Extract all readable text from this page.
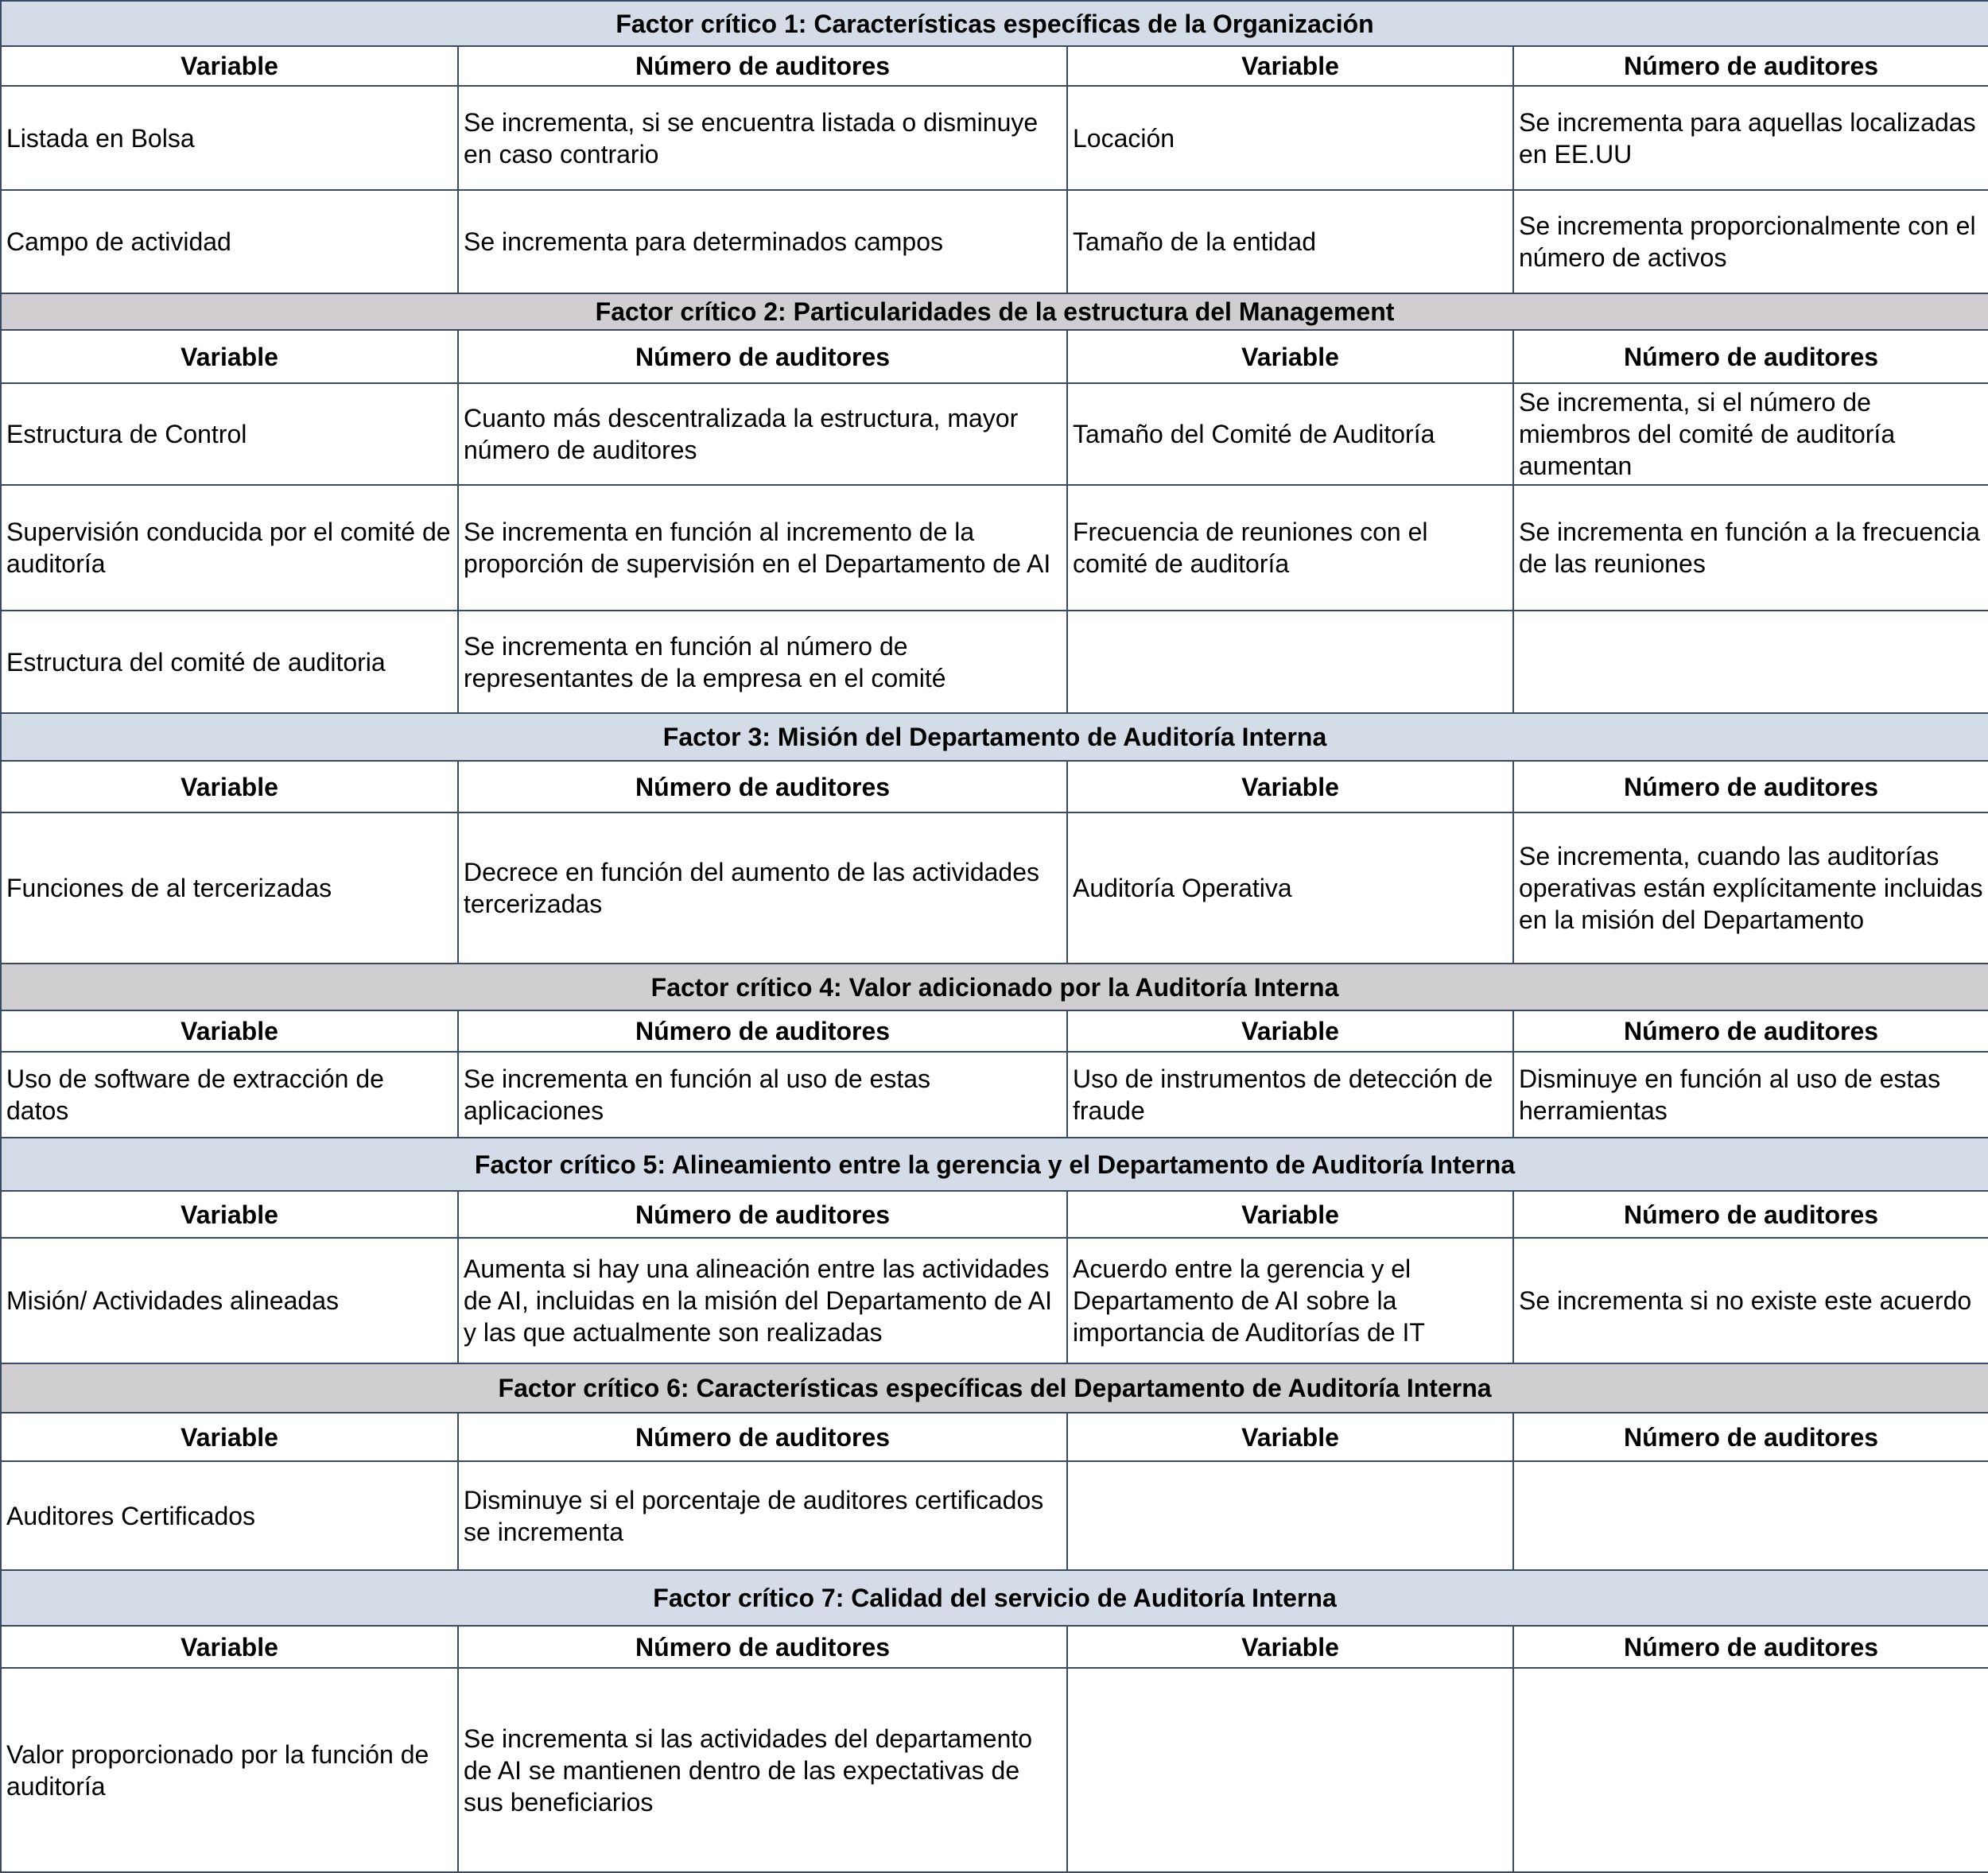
Factor crítico 1: Características específicas de la Organización			
Variable	Número de auditores	Variable	Número de auditores
Listada en Bolsa	Se incrementa, si se encuentra listada o disminuye en caso contrario	Locación	Se incrementa para aquellas localizadas en EE.UU
Campo de actividad	Se incrementa para determinados campos	Tamaño de la entidad	Se incrementa proporcionalmente con el número de activos
Factor crítico 2: Particularidades de la estructura del Management			
Variable	Número de auditores	Variable	Número de auditores
Estructura de Control	Cuanto más descentralizada la estructura, mayor número de auditores	Tamaño del Comité de Auditoría	Se incrementa, si el número de miembros del comité de auditoría aumentan
Supervisión conducida por el comité de auditoría	Se incrementa en función al incremento de la proporción de supervisión en el Departamento de AI	Frecuencia de reuniones con el comité de auditoría	Se incrementa en función a la frecuencia de las reuniones
Estructura del comité de auditoria	Se incrementa en función al número de representantes de la empresa en el comité		
Factor 3: Misión del Departamento de Auditoría Interna			
Variable	Número de auditores	Variable	Número de auditores
Funciones de al tercerizadas	Decrece en función del aumento de las actividades tercerizadas	Auditoría Operativa	Se incrementa, cuando las auditorías operativas están explícitamente incluidas en la misión del Departamento
Factor crítico 4: Valor adicionado por la Auditoría Interna			
Variable	Número de auditores	Variable	Número de auditores
Uso de software de extracción de datos	Se incrementa en función al uso de estas aplicaciones	Uso de instrumentos de detección de fraude	Disminuye en función al uso de estas herramientas
Factor crítico 5: Alineamiento entre la gerencia y el Departamento de Auditoría Interna			
Variable	Número de auditores	Variable	Número de auditores
Misión/ Actividades alineadas	Aumenta si hay una alineación entre las actividades de AI, incluidas en la misión del Departamento de AI y las que actualmente son realizadas	Acuerdo entre la gerencia y el Departamento de AI sobre la importancia de Auditorías de IT	Se incrementa si no existe este acuerdo
Factor crítico 6: Características específicas del Departamento de Auditoría Interna			
Variable	Número de auditores	Variable	Número de auditores
Auditores Certificados	Disminuye si el porcentaje de auditores certificados se incrementa		
Factor crítico 7: Calidad del servicio de Auditoría Interna			
Variable	Número de auditores	Variable	Número de auditores
Valor proporcionado por la función de auditoría	Se incrementa si las actividades del departamento de AI se mantienen dentro de las expectativas de sus beneficiarios		
